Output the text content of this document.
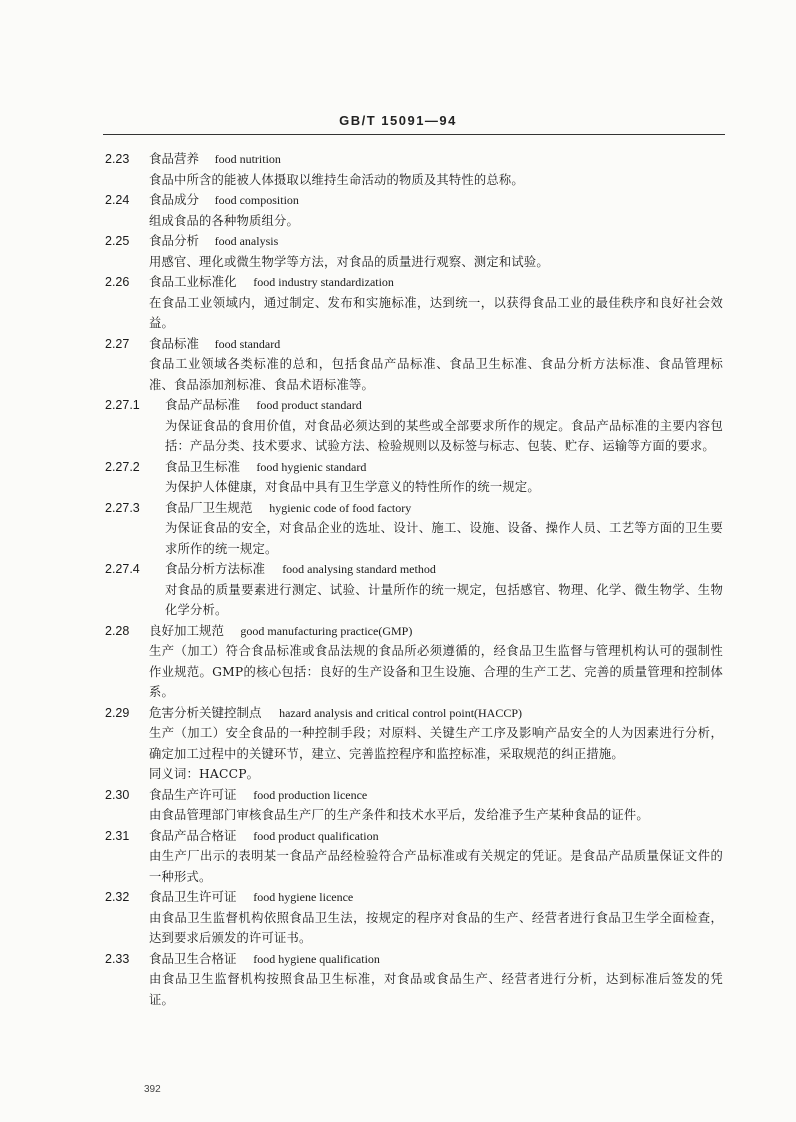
GB/T 15091—94
2.23 食品营养 food nutrition
食品中所含的能被人体摄取以维持生命活动的物质及其特性的总称。
2.24 食品成分 food composition
组成食品的各种物质组分。
2.25 食品分析 food analysis
用感官、理化或微生物学等方法，对食品的质量进行观察、测定和试验。
2.26 食品工业标准化 food industry standardization
在食品工业领域内，通过制定、发布和实施标准，达到统一，以获得食品工业的最佳秩序和良好社会效益。
2.27 食品标准 food standard
食品工业领域各类标准的总和，包括食品产品标准、食品卫生标准、食品分析方法标准、食品管理标准、食品添加剂标准、食品术语标准等。
2.27.1 食品产品标准 food product standard
为保证食品的食用价值，对食品必须达到的某些或全部要求所作的规定。食品产品标准的主要内容包括：产品分类、技术要求、试验方法、检验规则以及标签与标志、包装、贮存、运输等方面的要求。
2.27.2 食品卫生标准 food hygienic standard
为保护人体健康，对食品中具有卫生学意义的特性所作的统一规定。
2.27.3 食品厂卫生规范 hygienic code of food factory
为保证食品的安全，对食品企业的选址、设计、施工、设施、设备、操作人员、工艺等方面的卫生要求所作的统一规定。
2.27.4 食品分析方法标准 food analysing standard method
对食品的质量要素进行测定、试验、计量所作的统一规定，包括感官、物理、化学、微生物学、生物化学分析。
2.28 良好加工规范 good manufacturing practice(GMP)
生产（加工）符合食品标准或食品法规的食品所必须遵循的，经食品卫生监督与管理机构认可的强制性作业规范。GMP的核心包括：良好的生产设备和卫生设施、合理的生产工艺、完善的质量管理和控制体系。
2.29 危害分析关键控制点 hazard analysis and critical control point(HACCP)
生产（加工）安全食品的一种控制手段；对原料、关键生产工序及影响产品安全的人为因素进行分析，确定加工过程中的关键环节，建立、完善监控程序和监控标准，采取规范的纠正措施。
同义词：HACCP。
2.30 食品生产许可证 food production licence
由食品管理部门审核食品生产厂的生产条件和技术水平后，发给准予生产某种食品的证件。
2.31 食品产品合格证 food product qualification
由生产厂出示的表明某一食品产品经检验符合产品标准或有关规定的凭证。是食品产品质量保证文件的一种形式。
2.32 食品卫生许可证 food hygiene licence
由食品卫生监督机构依照食品卫生法，按规定的程序对食品的生产、经营者进行食品卫生学全面检查，达到要求后颁发的许可证书。
2.33 食品卫生合格证 food hygiene qualification
由食品卫生监督机构按照食品卫生标准，对食品或食品生产、经营者进行分析，达到标准后签发的凭证。
392
